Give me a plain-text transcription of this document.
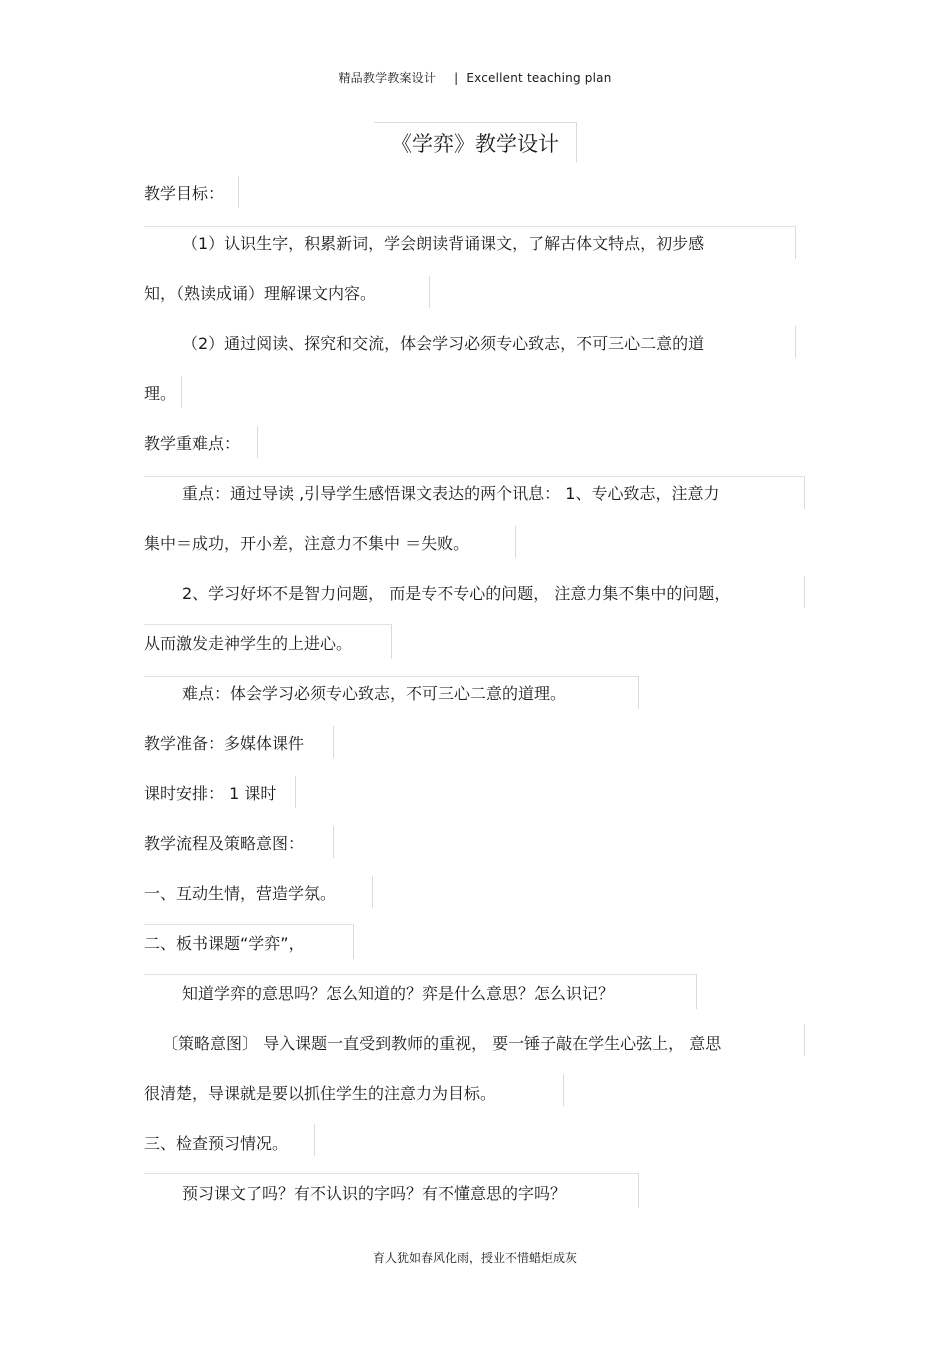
精品教学教案设计 | Excellent teaching plan
《学弈》教学设计
教学目标：
（1）认识生字，积累新词，学会朗读背诵课文，了解古体文特点，初步感
知，（熟读成诵）理解课文内容。
（2）通过阅读、探究和交流，体会学习必须专心致志，不可三心二意的道
理。
教学重难点：
重点：通过导读 ,引导学生感悟课文表达的两个讯息： 1、专心致志，注意力
集中＝成功，开小差，注意力不集中 ＝失败。
2、学习好坏不是智力问题， 而是专不专心的问题， 注意力集不集中的问题，
从而激发走神学生的上进心。
难点：体会学习必须专心致志，不可三心二意的道理。
教学准备：多媒体课件
课时安排： 1 课时
教学流程及策略意图：
一、互动生情，营造学氛。
二、板书课题“学弈”，
知道学弈的意思吗？怎么知道的？弈是什么意思？怎么识记？
〔策略意图〕 导入课题一直受到教师的重视， 要一锤子敲在学生心弦上， 意思
很清楚，导课就是要以抓住学生的注意力为目标。
三、检查预习情况。
预习课文了吗？有不认识的字吗？有不懂意思的字吗？
育人犹如春风化雨，授业不惜蜡炬成灰
